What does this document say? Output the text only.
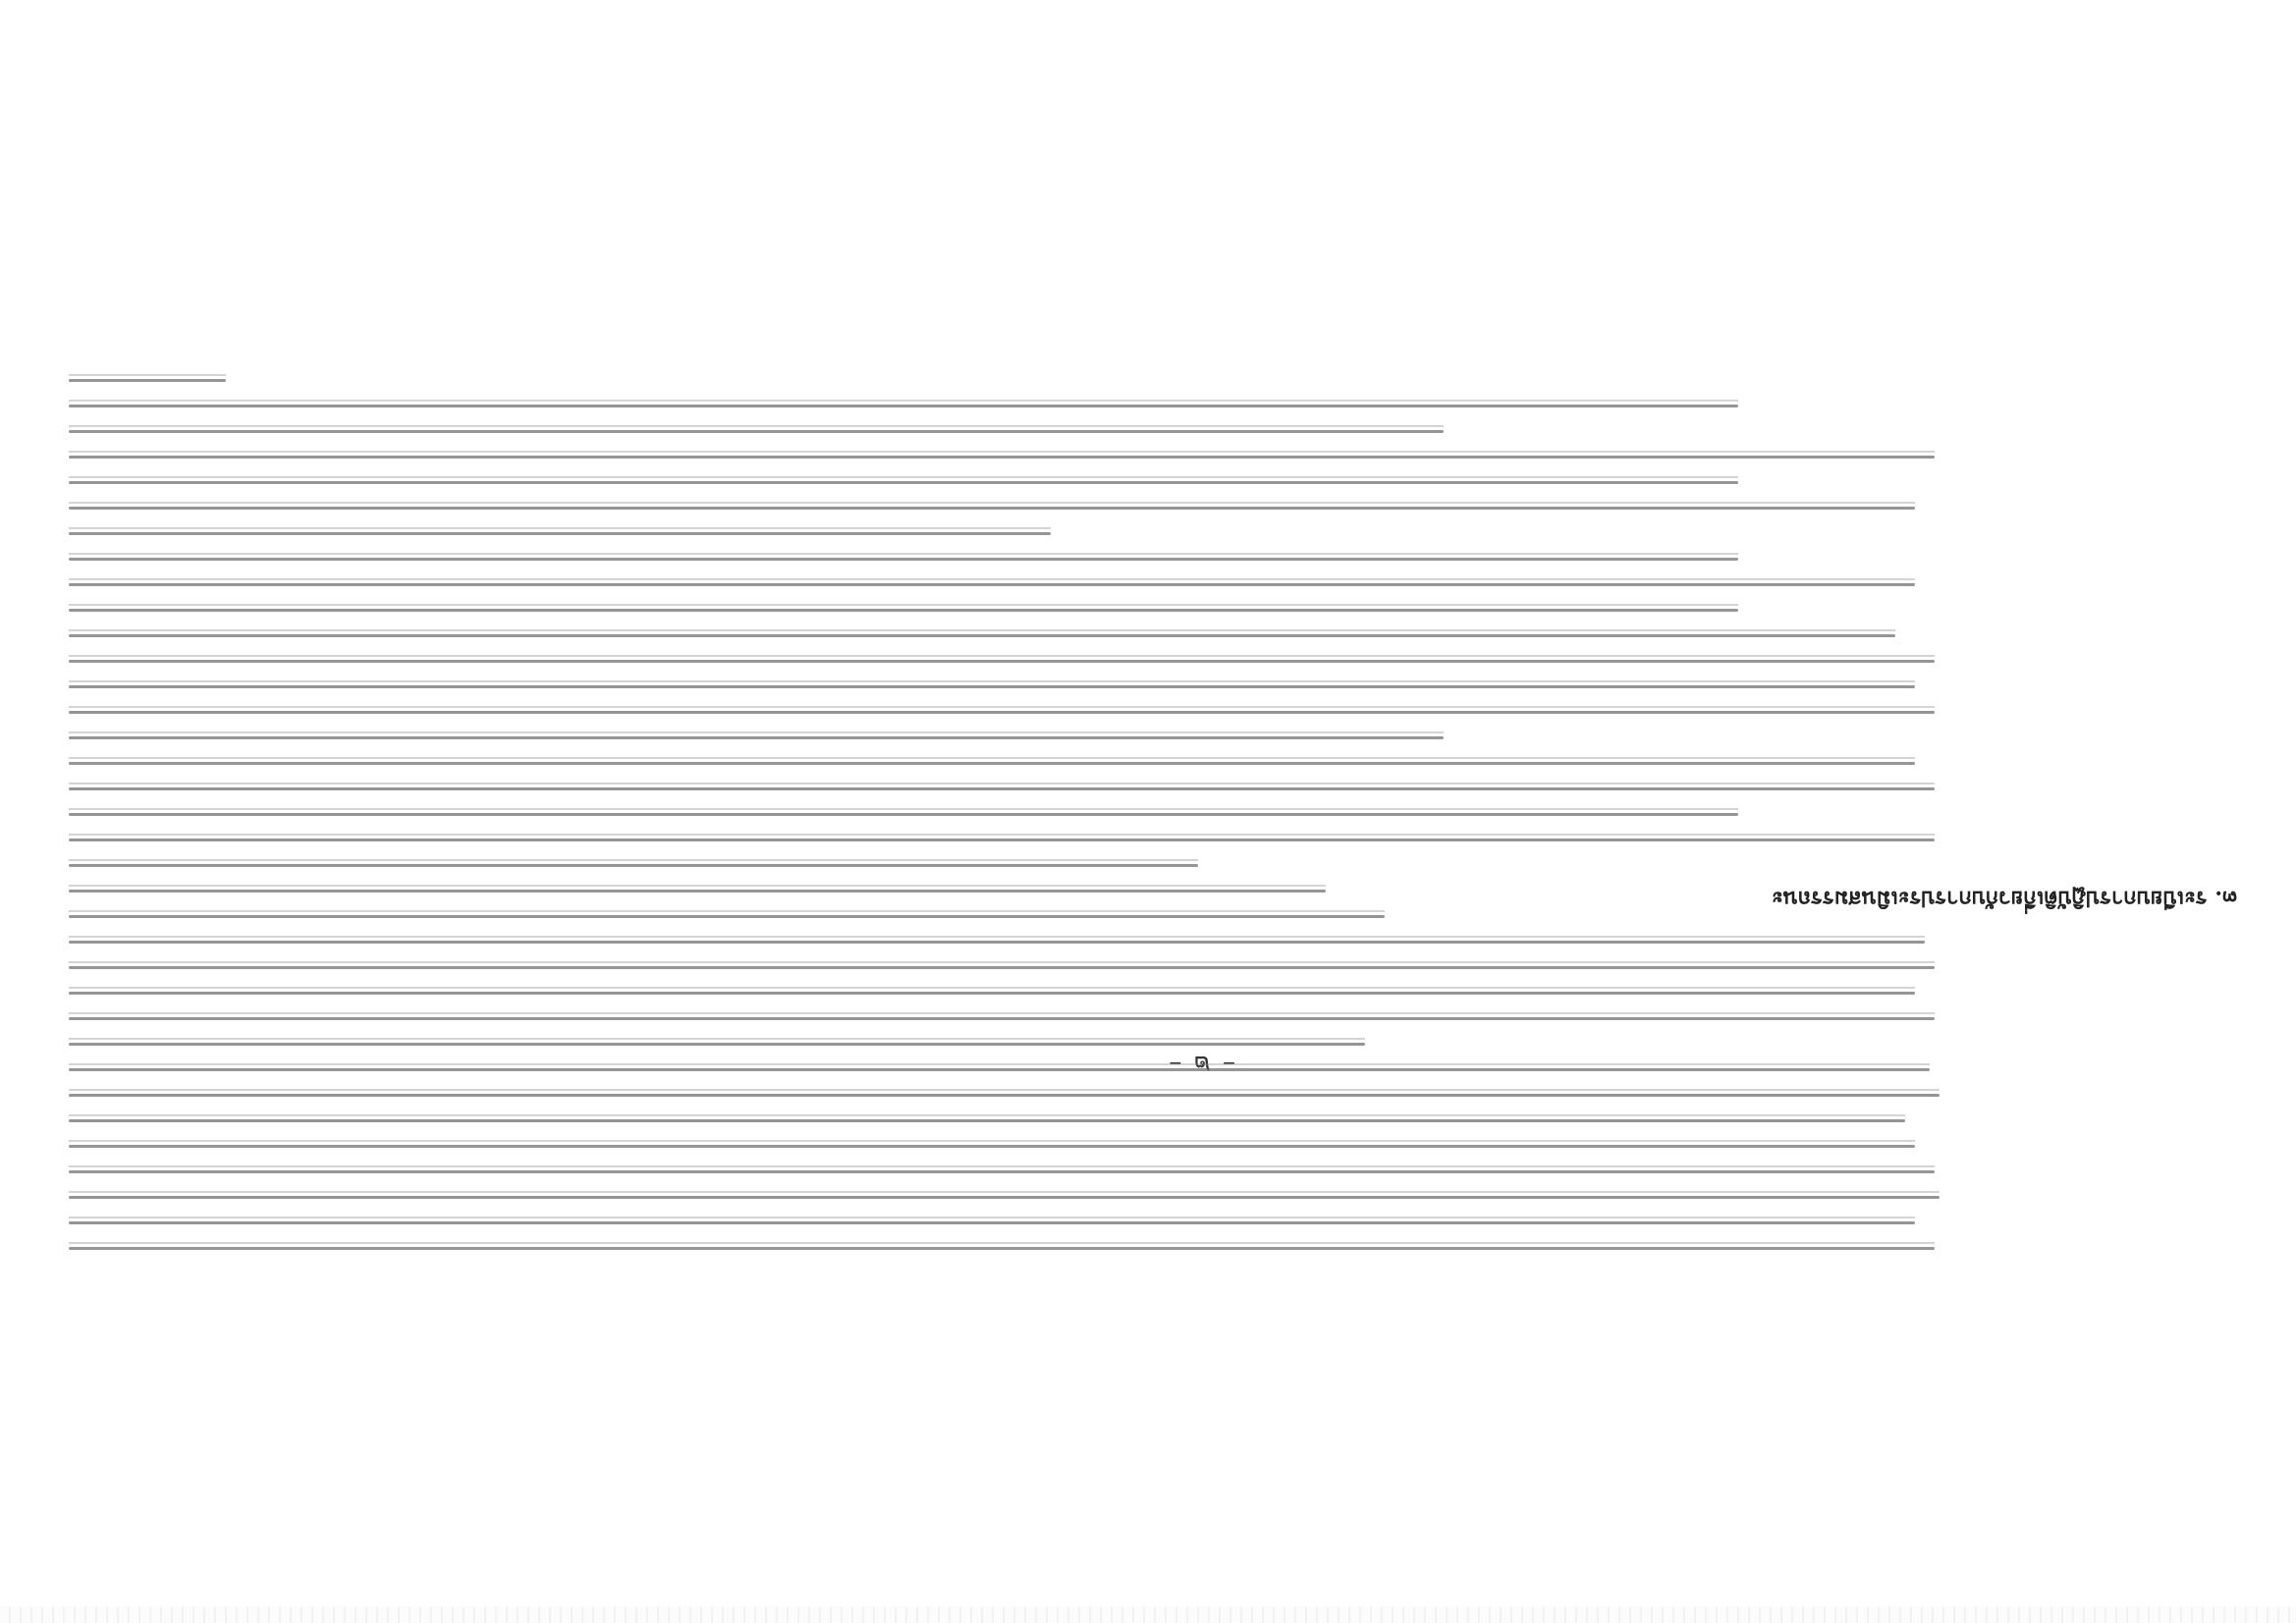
๓. ระเบียบการปฏิบัติเกี่ยวกับการประเมินสมรรถนะ
